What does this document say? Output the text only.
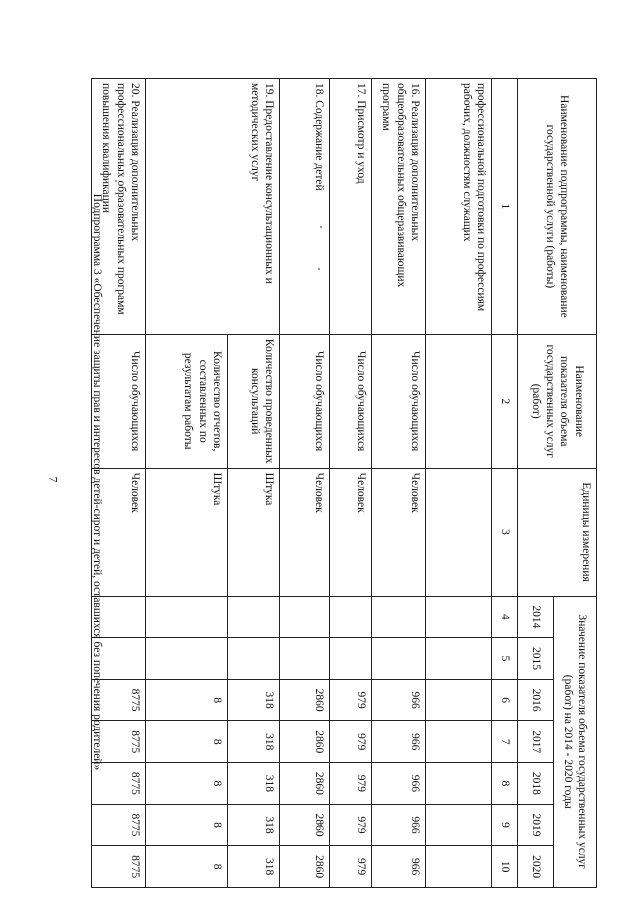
7
Наименование подпрограммы, наименование государственной услуги (работы)	Наименование показателя объема государственных услуг (работ)	Единицы измерения	Значение показателя объема государственных услуг (работ) на 2014 - 2020 годы						
			2014	2015	2016	2017	2018	2019	2020
1	2	3	4	5	6	7	8	9	10
профессиональной подготовки по профессиям рабочих, должностям служащих									
16. Реализация дополнительных общеобразовательных общеразвивающих программ	Число обучающихся	Человек			966	966	966	966	966
17. Присмотр и уход	Число обучающихся	Человек			979	979	979	979	979
18. Содержание детей	Число обучающихся	Человек			2860	2860	2860	2860	2860
19. Предоставление консультационных и методических услуг	Количество проведенных консультаций	Штука			318	318	318	318	318
	Количество отчетов, составленных по результатам работы	Штука			8	8	8	8	8
20. Реализация дополнительных профессиональных образовательных программ повышения квалификации	Число обучающихся	Человек			8775	8775	8775	8775	8775
Подпрограмма 3 «Обеспечение защиты прав и интересов детей-сирот и детей, оставшихся без попечения родителей»
